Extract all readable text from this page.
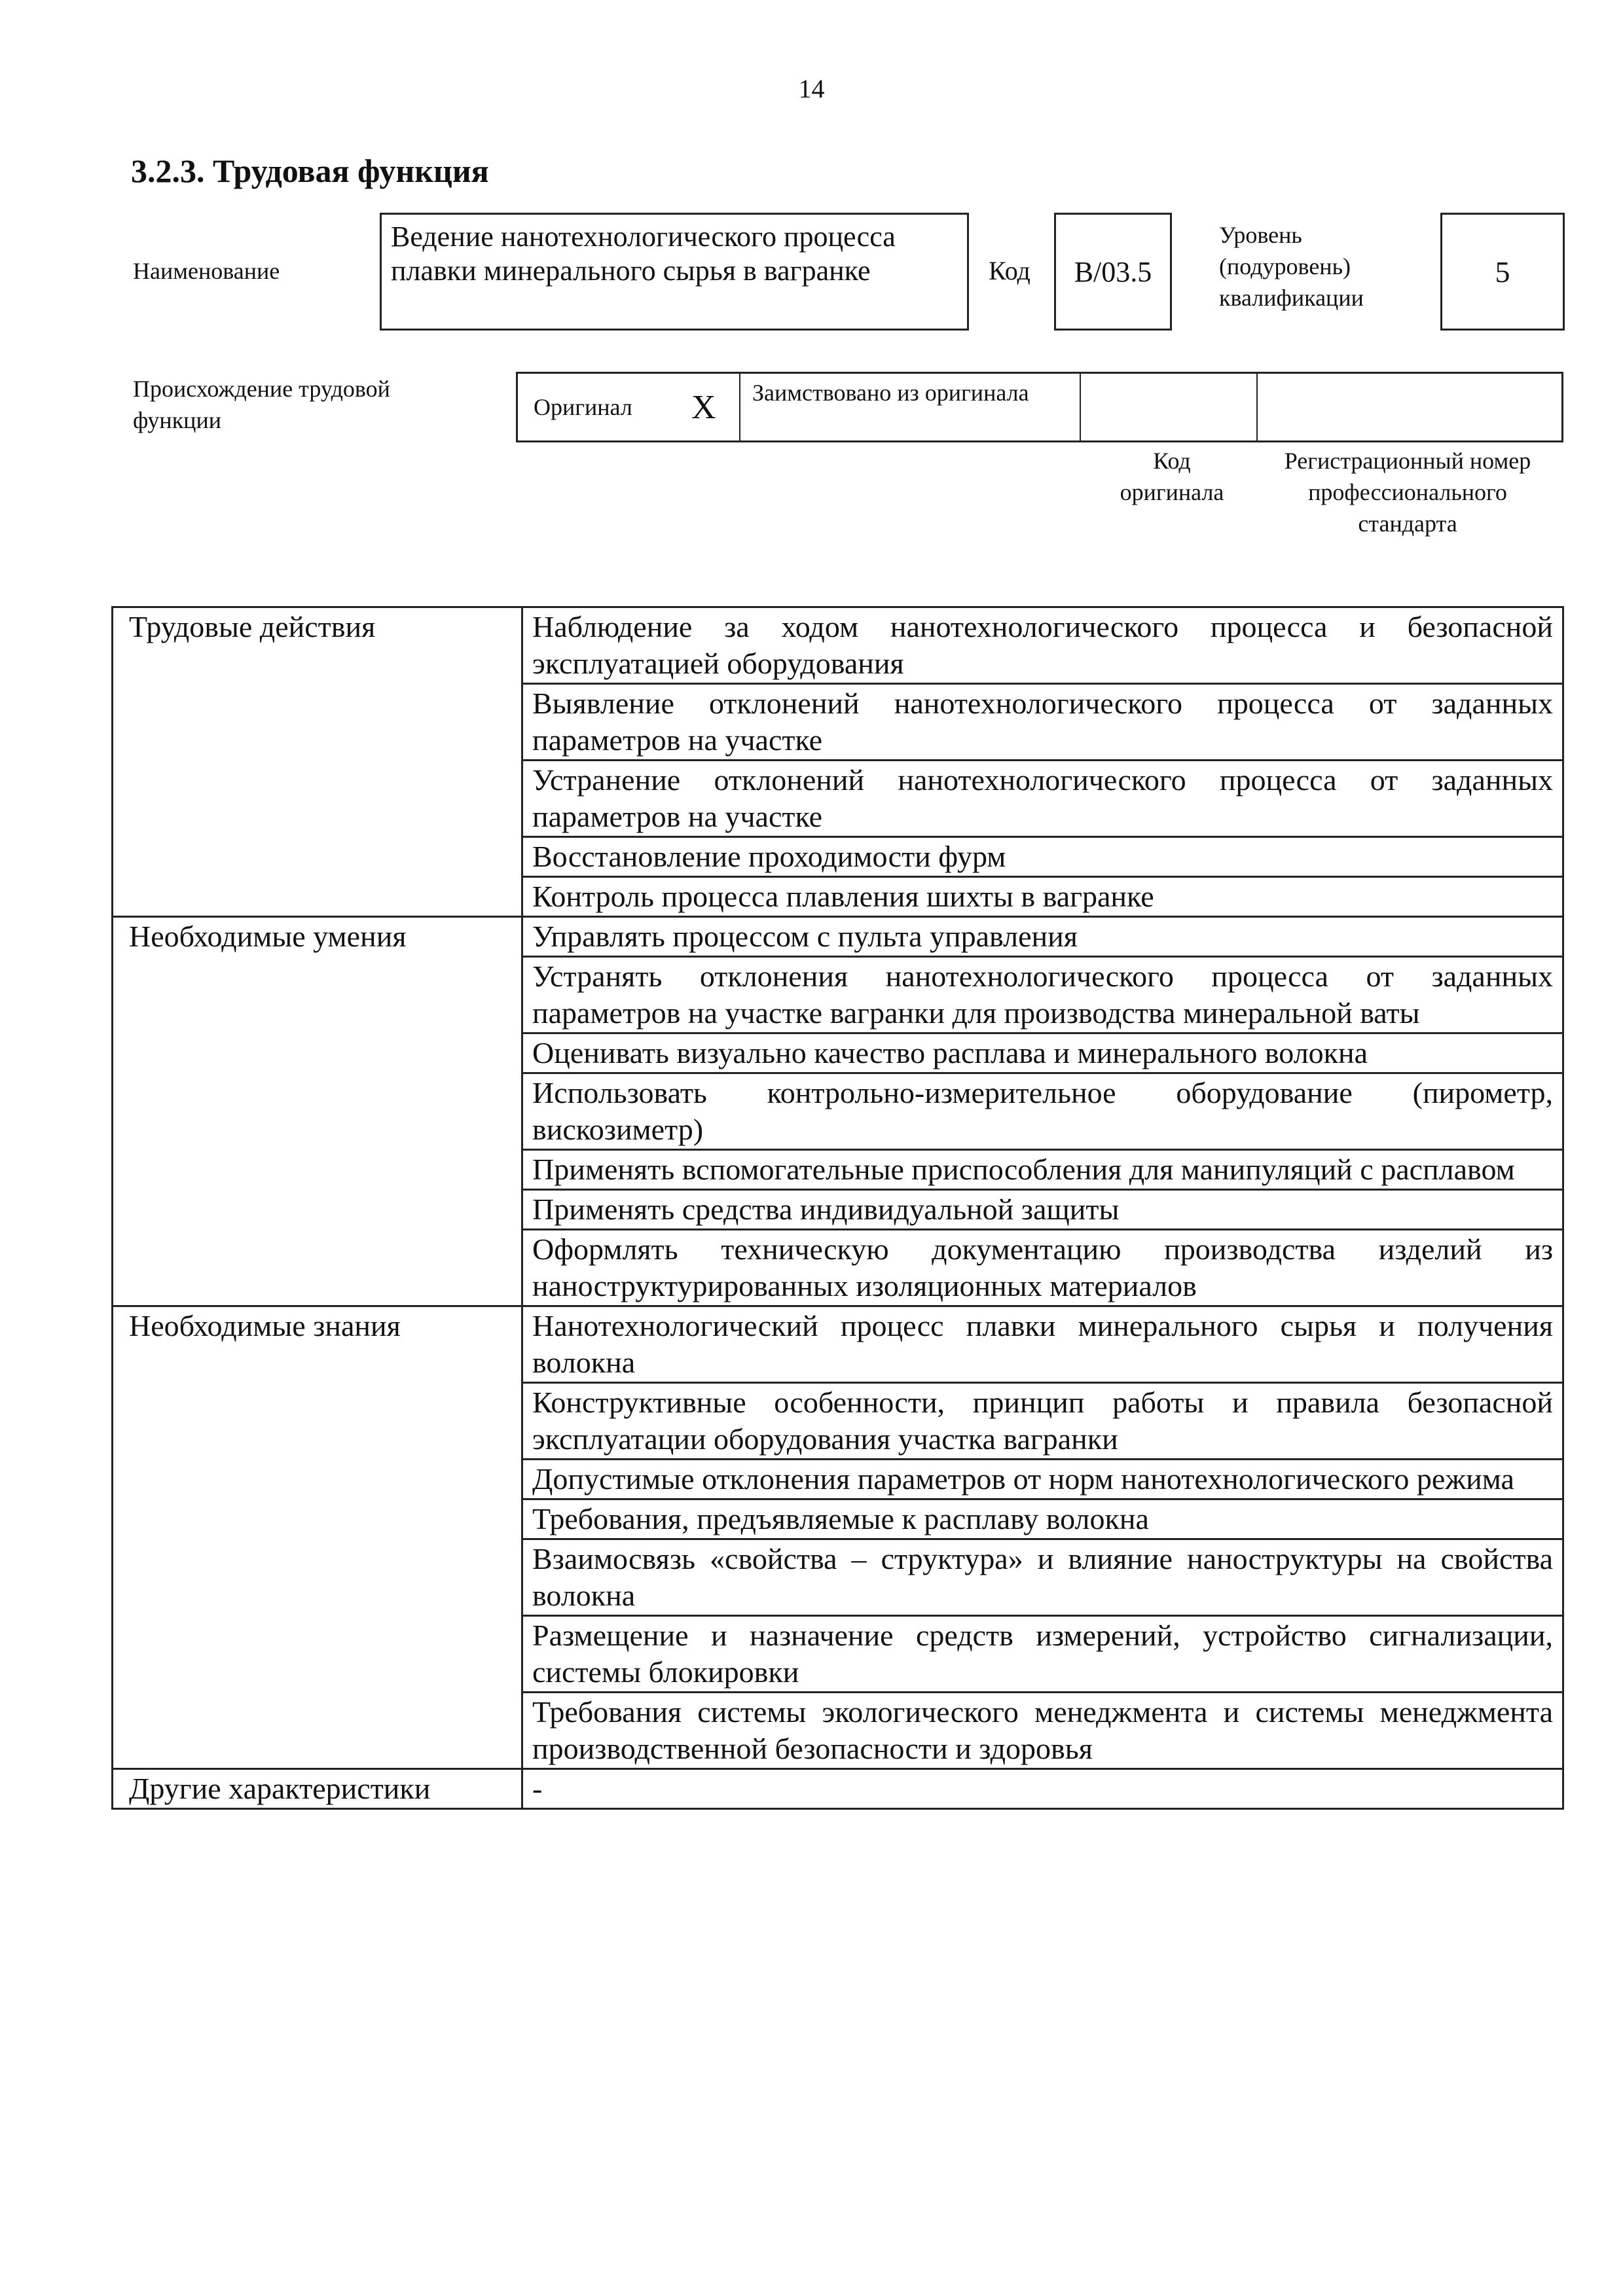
14
3.2.3. Трудовая функция
Наименование
Ведение нанотехнологического процесса плавки минерального сырья в вагранке	Код B/03.5
Уровень (подуровень) квалификации
5
Происхождение трудовой функции	Оригинал X	Заимствовано из оригинала
Код оригинала
Регистрационный номер профессионального стандарта
Трудовые действия	Наблюдение за ходом нанотехнологического процесса и безопасной эксплуатацией оборудования
	Выявление отклонений нанотехнологического процесса от заданных параметров на участке
	Устранение отклонений нанотехнологического процесса от заданных параметров на участке
	Восстановление проходимости фурм
	Контроль процесса плавления шихты в вагранке
Необходимые умения	Управлять процессом с пульта управления
	Устранять отклонения нанотехнологического процесса от заданных параметров на участке вагранки для производства минеральной ваты
	Оценивать визуально качество расплава и минерального волокна
	Использовать контрольно-измерительное оборудование (пирометр, вискозиметр)
	Применять вспомогательные приспособления для манипуляций с расплавом
	Применять средства индивидуальной защиты
	Оформлять техническую документацию производства изделий из наноструктурированных изоляционных материалов
Необходимые знания	Нанотехнологический процесс плавки минерального сырья и получения волокна
	Конструктивные особенности, принцип работы и правила безопасной эксплуатации оборудования участка вагранки
	Допустимые отклонения параметров от норм нанотехнологического режима
	Требования, предъявляемые к расплаву волокна
	Взаимосвязь «свойства – структура» и влияние наноструктуры на свойства волокна
	Размещение и назначение средств измерений, устройство сигнализации, системы блокировки
	Требования системы экологического менеджмента и системы менеджмента производственной безопасности и здоровья
Другие характеристики	-
